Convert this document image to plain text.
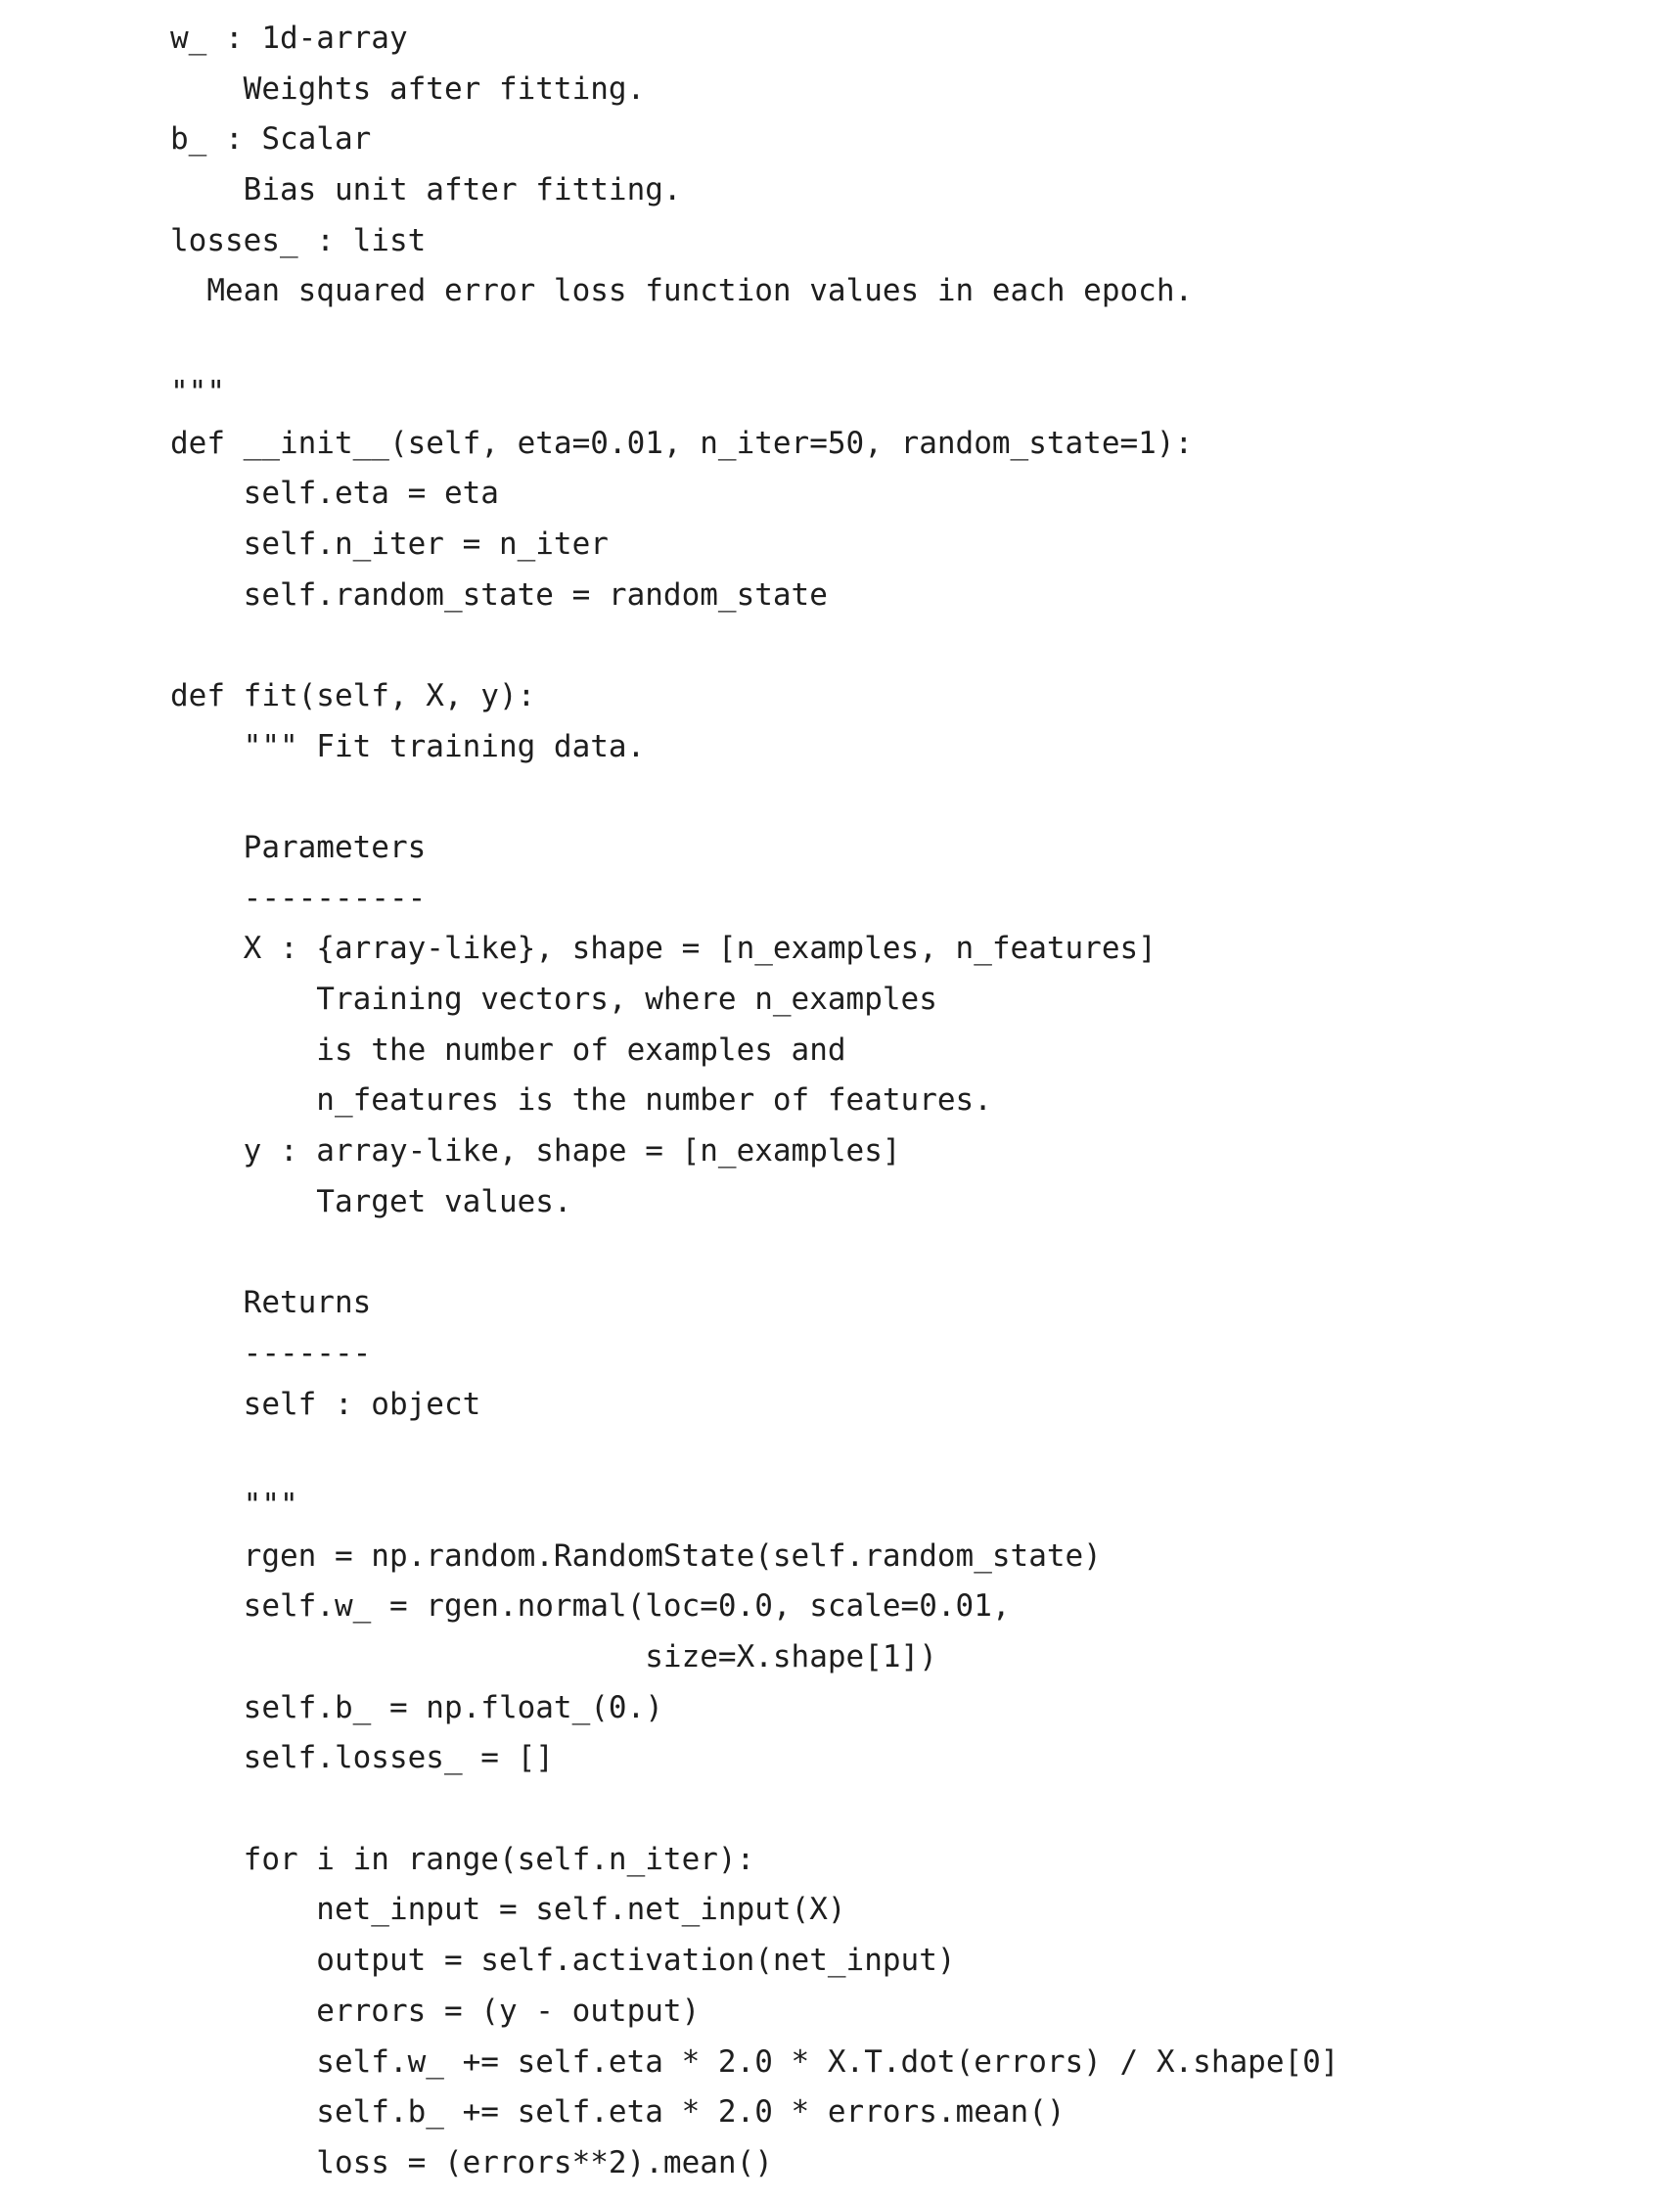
w_ : 1d-array
Weights after fitting.
b_ : Scalar
Bias unit after fitting.
losses_ : list
Mean squared error loss function values in each epoch.
"""
def __init__(self, eta=0.01, n_iter=50, random_state=1):
self.eta = eta
self.n_iter = n_iter
self.random_state = random_state
def fit(self, X, y):
""" Fit training data.
Parameters
----------
X : {array-like}, shape = [n_examples, n_features]
Training vectors, where n_examples
is the number of examples and
n_features is the number of features.
y : array-like, shape = [n_examples]
Target values.
Returns
-------
self : object
"""
rgen = np.random.RandomState(self.random_state)
self.w_ = rgen.normal(loc=0.0, scale=0.01,
size=X.shape[1])
self.b_ = np.float_(0.)
self.losses_ = []
for i in range(self.n_iter):
net_input = self.net_input(X)
output = self.activation(net_input)
errors = (y - output)
self.w_ += self.eta * 2.0 * X.T.dot(errors) / X.shape[0]
self.b_ += self.eta * 2.0 * errors.mean()
loss = (errors**2).mean()
